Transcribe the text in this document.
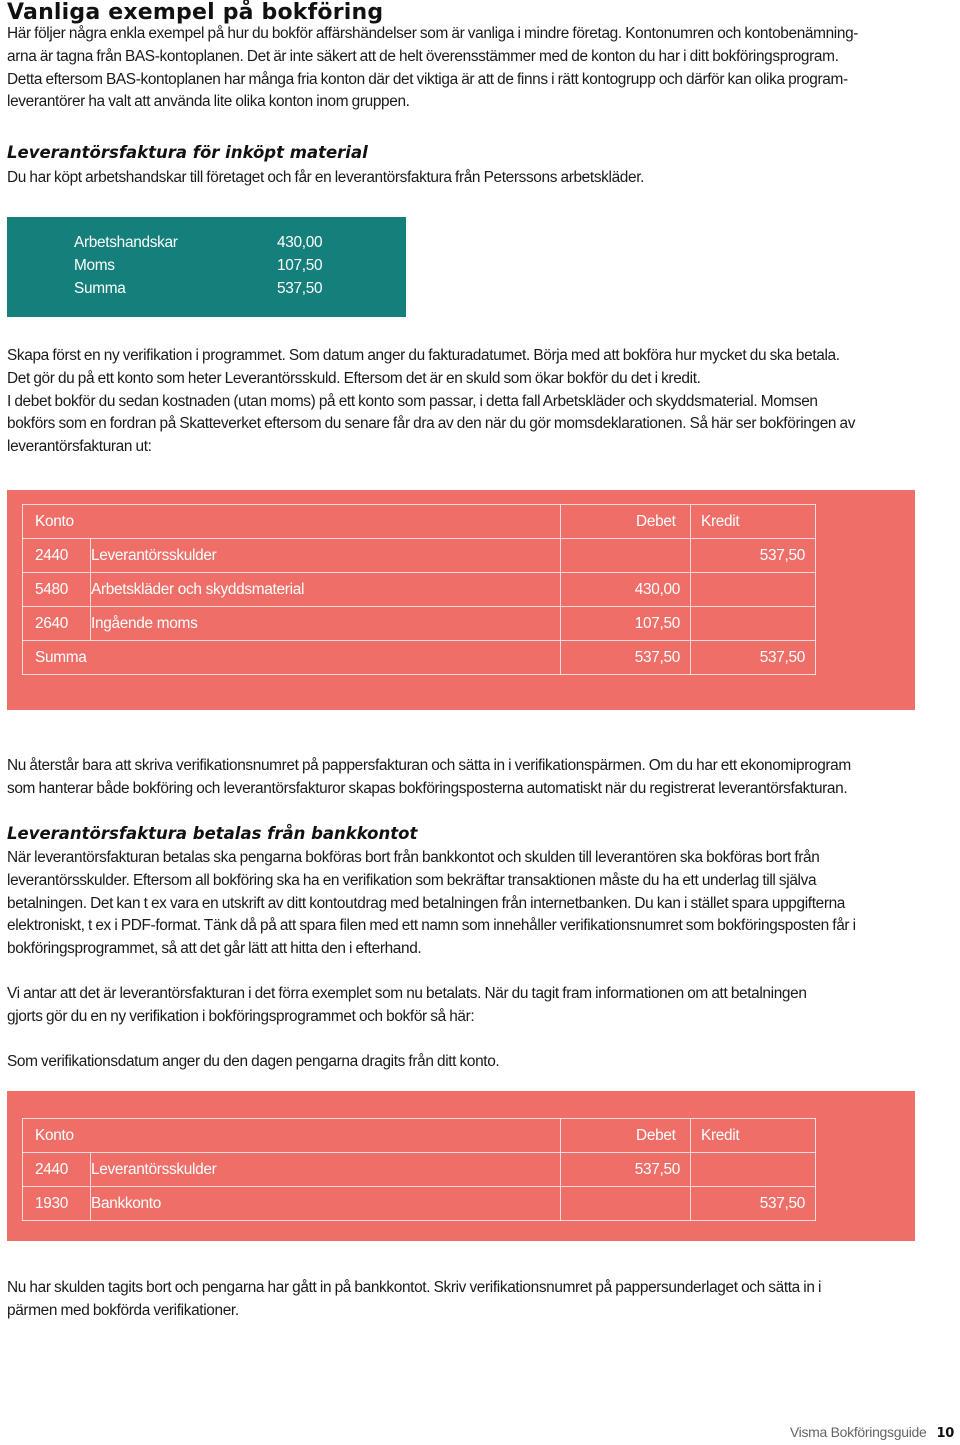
Vanliga exempel på bokföring

Här följer några enkla exempel på hur du bokför affärshändelser som är vanliga i mindre företag. Kontonumren och kontobenämning-

arna är tagna från BAS-kontoplanen. Det är inte säkert att de helt överensstämmer med de konton du har i ditt bokföringsprogram.

Detta eftersom BAS-kontoplanen har många fria konton där det viktiga är att de finns i rätt kontogrupp och därför kan olika program-

leverantörer ha valt att använda lite olika konton inom gruppen.

Leverantörsfaktura för inköpt material

Du har köpt arbetshandskar till företaget och får en leverantörsfaktura från Peterssons arbetskläder.

Arbetshandskar	430,00
Moms	107,50
Summa	537,50

Skapa först en ny verifikation i programmet. Som datum anger du fakturadatumet. Börja med att bokföra hur mycket du ska betala.

Det gör du på ett konto som heter Leverantörsskuld. Eftersom det är en skuld som ökar bokför du det i kredit.

I debet bokför du sedan kostnaden (utan moms) på ett konto som passar, i detta fall Arbetskläder och skyddsmaterial. Momsen

bokförs som en fordran på Skatteverket eftersom du senare får dra av den när du gör momsdeklarationen. Så här ser bokföringen av

leverantörsfakturan ut:

Konto		Debet	Kredit
2440	Leverantörsskulder		537,50
5480	Arbetskläder och skyddsmaterial	430,00	
2640	Ingående moms	107,50	
Summa		537,50	537,50

Nu återstår bara att skriva verifikationsnumret på pappersfakturan och sätta in i verifikationspärmen. Om du har ett ekonomiprogram

som hanterar både bokföring och leverantörsfakturor skapas bokföringsposterna automatiskt när du registrerat leverantörsfakturan.

Leverantörsfaktura betalas från bankkontot

När leverantörsfakturan betalas ska pengarna bokföras bort från bankkontot och skulden till leverantören ska bokföras bort från

leverantörsskulder. Eftersom all bokföring ska ha en verifikation som bekräftar transaktionen måste du ha ett underlag till själva

betalningen. Det kan t ex vara en utskrift av ditt kontoutdrag med betalningen från internetbanken. Du kan i stället spara uppgifterna

elektroniskt, t ex i PDF-format. Tänk då på att spara filen med ett namn som innehåller verifikationsnumret som bokföringsposten får i

bokföringsprogrammet, så att det går lätt att hitta den i efterhand.

Vi antar att det är leverantörsfakturan i det förra exemplet som nu betalats. När du tagit fram informationen om att betalningen

gjorts gör du en ny verifikation i bokföringsprogrammet och bokför så här:

Som verifikationsdatum anger du den dagen pengarna dragits från ditt konto.

Konto		Debet	Kredit
2440	Leverantörsskulder	537,50	
1930	Bankkonto		537,50

Nu har skulden tagits bort och pengarna har gått in på bankkontot. Skriv verifikationsnumret på pappersunderlaget och sätta in i

pärmen med bokförda verifikationer.

Visma Bokföringsguide 10
